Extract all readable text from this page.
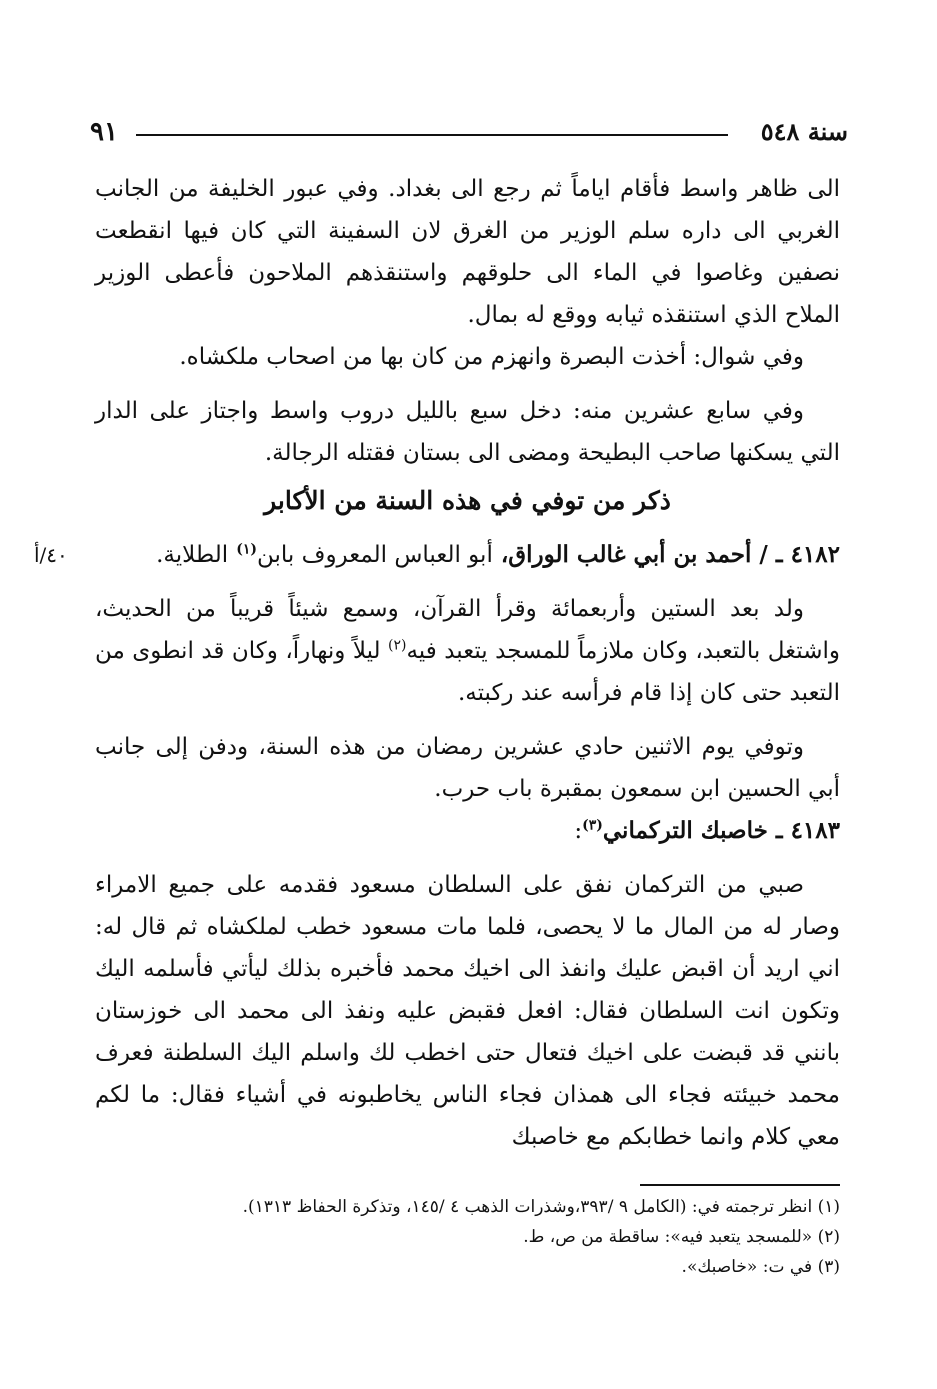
٩١	سنة ٥٤٨
٤٠/أ

الى ظاهر واسط فأقام اياماً ثم رجع الى بغداد. وفي عبور الخليفة من الجانب الغربي الى داره سلم الوزير من الغرق لان السفينة التي كان فيها انقطعت نصفين وغاصوا في الماء الى حلوقهم واستنقذهم الملاحون فأعطى الوزير الملاح الذي استنقذه ثيابه ووقع له بمال.

وفي شوال: أخذت البصرة وانهزم من كان بها من اصحاب ملكشاه.

وفي سابع عشرين منه: دخل سبع بالليل دروب واسط واجتاز على الدار التي يسكنها صاحب البطيحة ومضى الى بستان فقتله الرجالة.

ذكر من توفي في هذه السنة من الأكابر

٤١٨٢ ـ / أحمد بن أبي غالب الوراق، أبو العباس المعروف بابن$^{(١)}$ الطلاية.

ولد بعد الستين وأربعمائة وقرأ القرآن، وسمع شيئاً قريباً من الحديث، واشتغل بالتعبد، وكان ملازماً للمسجد يتعبد فيه$^{(٢)}$ ليلاً ونهاراً، وكان قد انطوى من التعبد حتى كان إذا قام فرأسه عند ركبته.

وتوفي يوم الاثنين حادي عشرين رمضان من هذه السنة، ودفن إلى جانب أبي الحسين ابن سمعون بمقبرة باب حرب.

٤١٨٣ ـ خاصبك التركماني$^{(٣)}$:

صبي من التركمان نفق على السلطان مسعود فقدمه على جميع الامراء وصار له من المال ما لا يحصى، فلما مات مسعود خطب لملكشاه ثم قال له: اني اريد أن اقبض عليك وانفذ الى اخيك محمد فأخبره بذلك ليأتي فأسلمه اليك وتكون انت السلطان فقال: افعل فقبض عليه ونفذ الى محمد الى خوزستان بانني قد قبضت على اخيك فتعال حتى اخطب لك واسلم اليك السلطنة فعرف محمد خبيئته فجاء الى همذان فجاء الناس يخاطبونه في أشياء فقال: ما لكم معي كلام وانما خطابكم مع خاصبك

(١) انظر ترجمته في: (الكامل ٩ /٣٩٣،وشذرات الذهب ٤ /١٤٥، وتذكرة الحفاظ ١٣١٣).

(٢) «للمسجد يتعبد فيه»: ساقطة من ص، ط.

(٣) في ت: «خاصبك».
